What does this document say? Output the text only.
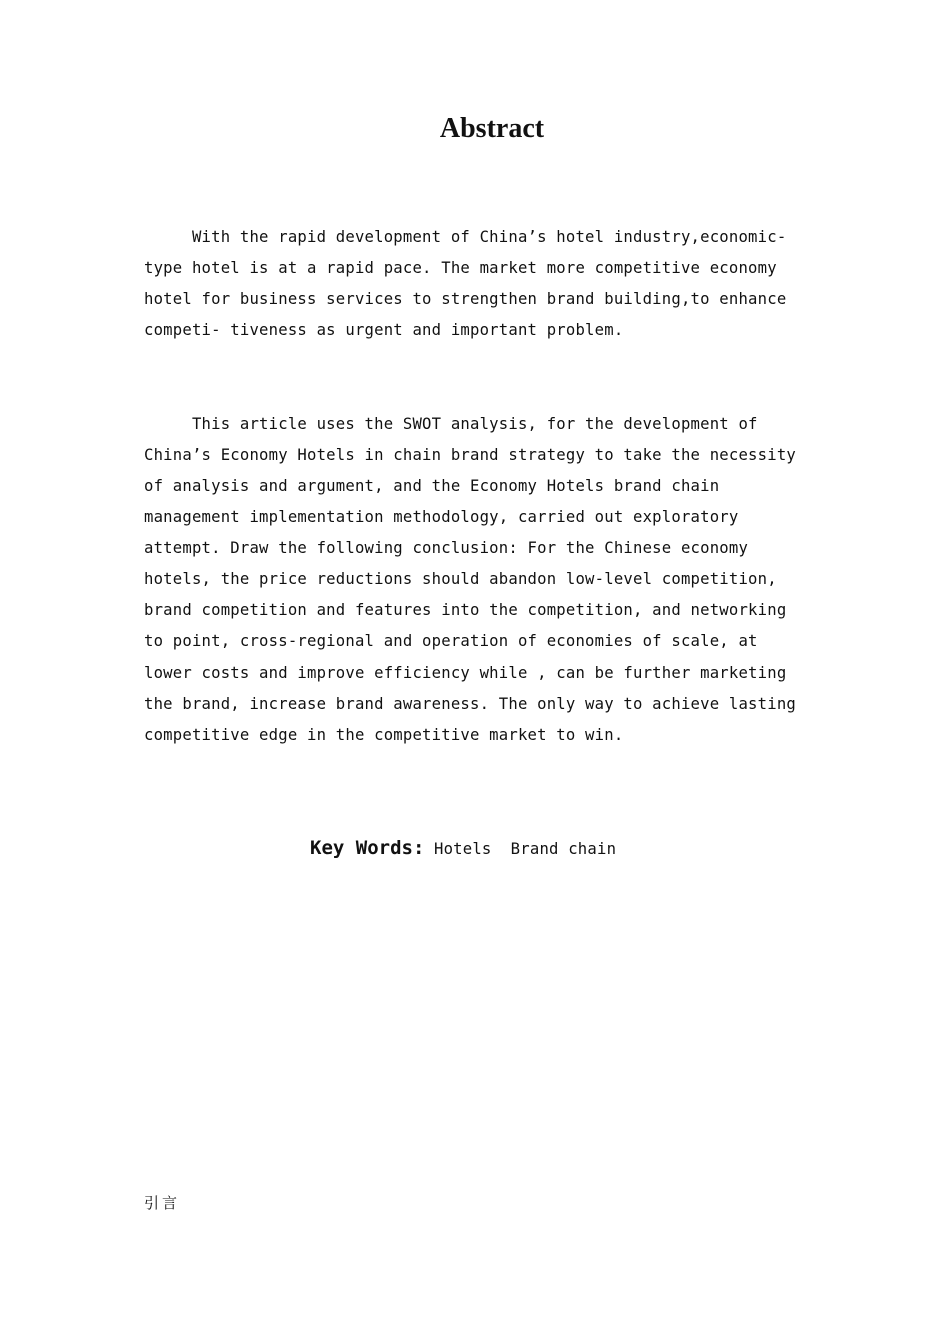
Abstract

With the rapid development of China’s hotel industry,economic-
type hotel is at a rapid pace. The market more competitive economy
hotel for business services to strengthen brand building,to enhance
competi- tiveness as urgent and important problem.

This article uses the SWOT analysis, for the development of
China’s Economy Hotels in chain brand strategy to take the necessity
of analysis and argument, and the Economy Hotels brand chain
management implementation methodology, carried out exploratory
attempt. Draw the following conclusion: For the Chinese economy
hotels, the price reductions should abandon low-level competition,
brand competition and features into the competition, and networking
to point, cross-regional and operation of economies of scale, at
lower costs and improve efficiency while , can be further marketing
the brand, increase brand awareness. The only way to achieve lasting
competitive edge in the competitive market to win.

Key Words: Hotels  Brand chain

引言
